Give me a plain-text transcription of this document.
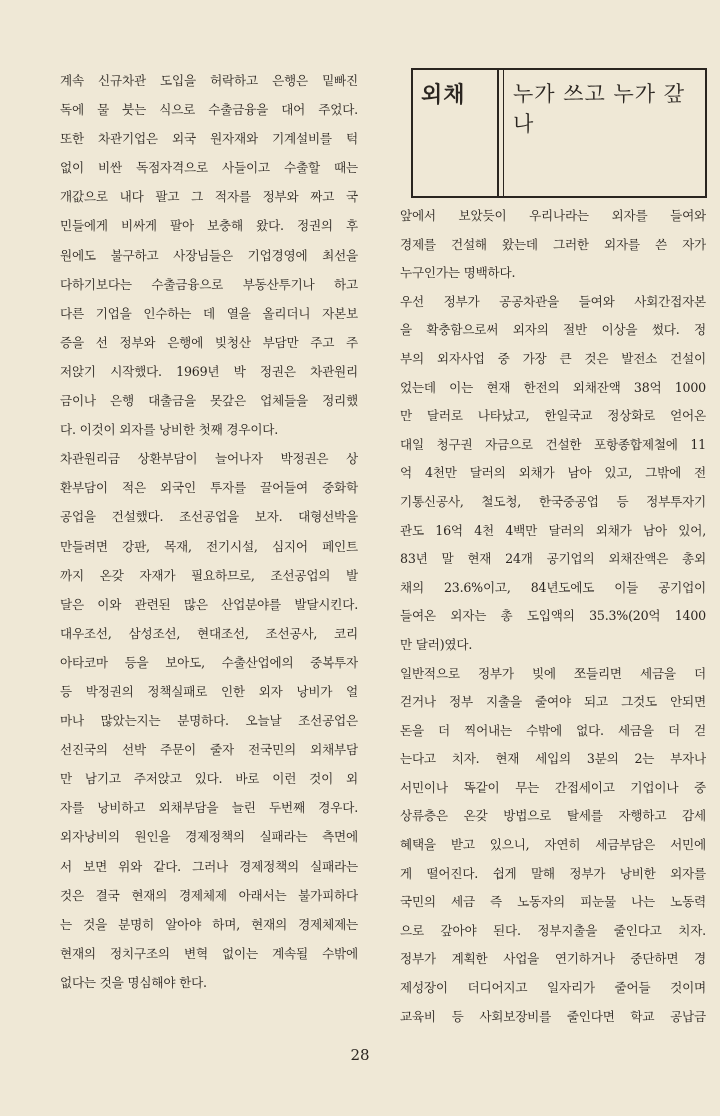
계속 신규차관 도입을 허락하고 은행은 밑빠진
독에 물 붓는 식으로 수출금융을 대어 주었다.
또한 차관기업은 외국 원자재와 기계설비를 턱
없이 비싼 독점자격으로 사들이고 수출할 때는
개값으로 내다 팔고 그 적자를 정부와 짜고 국
민들에게 비싸게 팔아 보충해 왔다. 정권의 후
원에도 불구하고 사장님들은 기업경영에 최선을
다하기보다는 수출금융으로 부동산투기나 하고
다른 기업을 인수하는 데 열을 올리더니 자본보
증을 선 정부와 은행에 빚청산 부담만 주고 주
저앉기 시작했다. 1969년 박 정권은 차관원리
금이나 은행 대출금을 못갚은 업체들을 정리했
다. 이것이 외자를 낭비한 첫째 경우이다.
차관원리금 상환부담이 늘어나자 박정권은 상
환부담이 적은 외국인 투자를 끌어들여 중화학
공업을 건설했다. 조선공업을 보자. 대형선박을
만들려면 강판, 목재, 전기시설, 심지어 페인트
까지 온갖 자재가 필요하므로, 조선공업의 발
달은 이와 관련된 많은 산업분야를 발달시킨다.
대우조선, 삼성조선, 현대조선, 조선공사, 코리
아타코마 등을 보아도, 수출산업에의 중복투자
등 박정권의 정책실패로 인한 외자 낭비가 얼
마나 많았는지는 분명하다. 오늘날 조선공업은
선진국의 선박 주문이 줄자 전국민의 외채부담
만 남기고 주저앉고 있다. 바로 이런 것이 외
자를 낭비하고 외채부담을 늘린 두번째 경우다.
외자낭비의 원인을 경제정책의 실패라는 측면에
서 보면 위와 같다. 그러나 경제정책의 실패라는
것은 결국 현재의 경제체제 아래서는 불가피하다
는 것을 분명히 알아야 하며, 현재의 경제체제는
현재의 정치구조의 변혁 없이는 계속될 수밖에
없다는 것을 명심해야 한다.
외채 누가 쓰고 누가 갚나
앞에서 보았듯이 우리나라는 외자를 들여와
경제를 건설해 왔는데 그러한 외자를 쓴 자가
누구인가는 명백하다.
우선 정부가 공공차관을 들여와 사회간접자본
을 확충함으로써 외자의 절반 이상을 썼다. 정
부의 외자사업 중 가장 큰 것은 발전소 건설이
었는데 이는 현재 한전의 외채잔액 38억 1000
만 달러로 나타났고, 한일국교 정상화로 얻어온
대일 청구권 자금으로 건설한 포항종합제철에 11
억 4천만 달러의 외채가 남아 있고, 그밖에 전
기통신공사, 철도청, 한국중공업 등 정부투자기
관도 16억 4천 4백만 달러의 외채가 남아 있어,
83년 말 현재 24개 공기업의 외채잔액은 총외
채의 23.6%이고, 84년도에도 이들 공기업이
들여온 외자는 총 도입액의 35.3%(20억 1400
만 달러)였다.
일반적으로 정부가 빚에 쪼들리면 세금을 더
걷거나 정부 지출을 줄여야 되고 그것도 안되면
돈을 더 찍어내는 수밖에 없다. 세금을 더 걷
는다고 치자. 현재 세입의 3분의 2는 부자나
서민이나 똑같이 무는 간접세이고 기업이나 중
상류층은 온갖 방법으로 탈세를 자행하고 감세
혜택을 받고 있으니, 자연히 세금부담은 서민에
게 떨어진다. 쉽게 말해 정부가 낭비한 외자를
국민의 세금 즉 노동자의 피눈물 나는 노동력
으로 갚아야 된다. 정부지출을 줄인다고 치자.
정부가 계획한 사업을 연기하거나 중단하면 경
제성장이 더디어지고 일자리가 줄어들 것이며
교육비 등 사회보장비를 줄인다면 학교 공납금
28
